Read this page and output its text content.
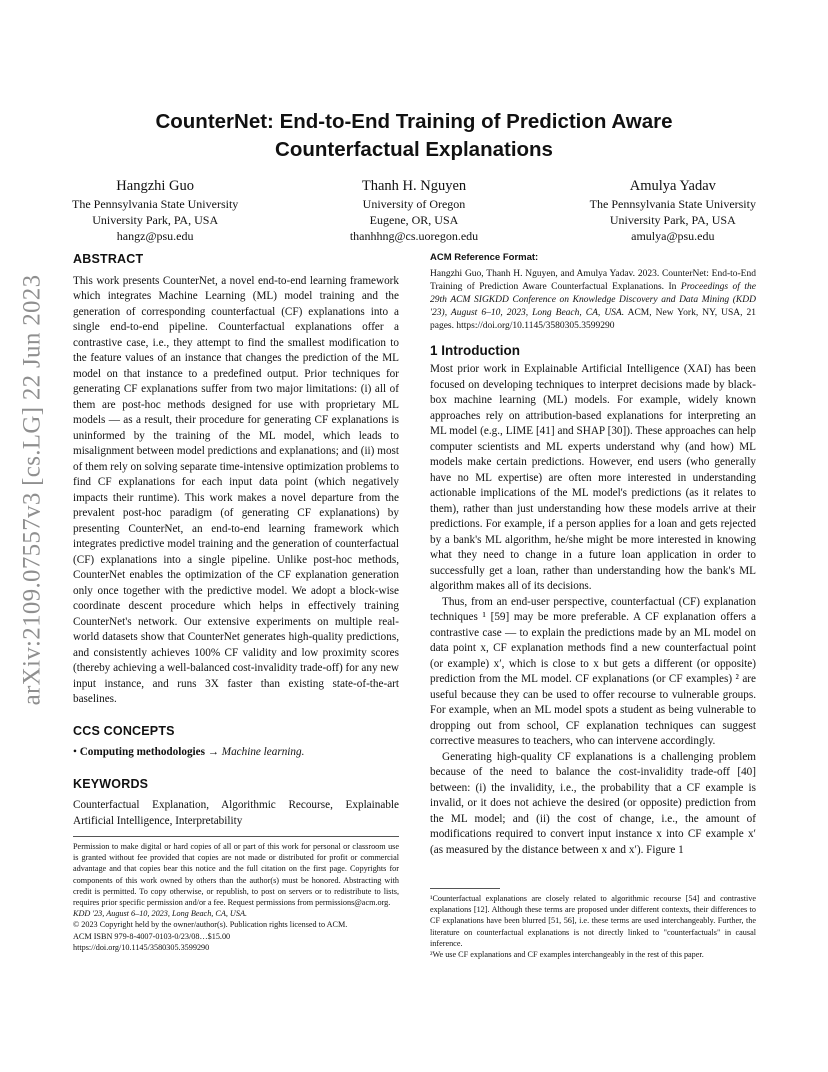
arXiv:2109.07557v3 [cs.LG] 22 Jun 2023
CounterNet: End-to-End Training of Prediction Aware Counterfactual Explanations
Hangzhi Guo
The Pennsylvania State University
University Park, PA, USA
hangz@psu.edu
Thanh H. Nguyen
University of Oregon
Eugene, OR, USA
thanhhng@cs.uoregon.edu
Amulya Yadav
The Pennsylvania State University
University Park, PA, USA
amulya@psu.edu
ABSTRACT

This work presents CounterNet, a novel end-to-end learning framework which integrates Machine Learning (ML) model training and the generation of corresponding counterfactual (CF) explanations into a single end-to-end pipeline. Counterfactual explanations offer a contrastive case, i.e., they attempt to find the smallest modification to the feature values of an instance that changes the prediction of the ML model on that instance to a predefined output. Prior techniques for generating CF explanations suffer from two major limitations: (i) all of them are post-hoc methods designed for use with proprietary ML models — as a result, their procedure for generating CF explanations is uninformed by the training of the ML model, which leads to misalignment between model predictions and explanations; and (ii) most of them rely on solving separate time-intensive optimization problems to find CF explanations for each input data point (which negatively impacts their runtime). This work makes a novel departure from the prevalent post-hoc paradigm (of generating CF explanations) by presenting CounterNet, an end-to-end learning framework which integrates predictive model training and the generation of counterfactual (CF) explanations into a single pipeline. Unlike post-hoc methods, CounterNet enables the optimization of the CF explanation generation only once together with the predictive model. We adopt a block-wise coordinate descent procedure which helps in effectively training CounterNet's network. Our extensive experiments on multiple real-world datasets show that CounterNet generates high-quality predictions, and consistently achieves 100% CF validity and low proximity scores (thereby achieving a well-balanced cost-invalidity trade-off) for any new input instance, and runs 3X faster than existing state-of-the-art baselines.

CCS CONCEPTS

• Computing methodologies → Machine learning.

KEYWORDS

Counterfactual Explanation, Algorithmic Recourse, Explainable Artificial Intelligence, Interpretability

Permission to make digital or hard copies of all or part of this work for personal or classroom use is granted without fee provided that copies are not made or distributed for profit or commercial advantage and that copies bear this notice and the full citation on the first page. Copyrights for components of this work owned by others than the author(s) must be honored. Abstracting with credit is permitted. To copy otherwise, or republish, to post on servers or to redistribute to lists, requires prior specific permission and/or a fee. Request permissions from permissions@acm.org.

KDD '23, August 6–10, 2023, Long Beach, CA, USA.

© 2023 Copyright held by the owner/author(s). Publication rights licensed to ACM.

ACM ISBN 979-8-4007-0103-0/23/08…$15.00

https://doi.org/10.1145/3580305.3599290

ACM Reference Format:

Hangzhi Guo, Thanh H. Nguyen, and Amulya Yadav. 2023. CounterNet: End-to-End Training of Prediction Aware Counterfactual Explanations. In Proceedings of the 29th ACM SIGKDD Conference on Knowledge Discovery and Data Mining (KDD '23), August 6–10, 2023, Long Beach, CA, USA. ACM, New York, NY, USA, 21 pages. https://doi.org/10.1145/3580305.3599290

1 Introduction

Most prior work in Explainable Artificial Intelligence (XAI) has been focused on developing techniques to interpret decisions made by black-box machine learning (ML) models. For example, widely known approaches rely on attribution-based explanations for interpreting an ML model (e.g., LIME [41] and SHAP [30]). These approaches can help computer scientists and ML experts understand why (and how) ML models make certain predictions. However, end users (who generally have no ML expertise) are often more interested in understanding actionable implications of the ML model's predictions (as it relates to them), rather than just understanding how these models arrive at their predictions. For example, if a person applies for a loan and gets rejected by a bank's ML algorithm, he/she might be more interested in knowing what they need to change in a future loan application in order to successfully get a loan, rather than understanding how the bank's ML algorithm makes all of its decisions.

Thus, from an end-user perspective, counterfactual (CF) explanation techniques ¹ [59] may be more preferable. A CF explanation offers a contrastive case — to explain the predictions made by an ML model on data point x, CF explanation methods find a new counterfactual point (or example) x′, which is close to x but gets a different (or opposite) prediction from the ML model. CF explanations (or CF examples) ² are useful because they can be used to offer recourse to vulnerable groups. For example, when an ML model spots a student as being vulnerable to dropping out from school, CF explanation techniques can suggest corrective measures to teachers, who can intervene accordingly.

Generating high-quality CF explanations is a challenging problem because of the need to balance the cost-invalidity trade-off [40] between: (i) the invalidity, i.e., the probability that a CF example is invalid, or it does not achieve the desired (or opposite) prediction from the ML model; and (ii) the cost of change, i.e., the amount of modifications required to convert input instance x into CF example x′ (as measured by the distance between x and x′). Figure 1

¹Counterfactual explanations are closely related to algorithmic recourse [54] and contrastive explanations [12]. Although these terms are proposed under different contexts, their differences to CF explanations have been blurred [51, 56], i.e. these terms are used interchangeably. Further, the literature on counterfactual explanations is not directly linked to "counterfactuals" in causal inference.

²We use CF explanations and CF examples interchangeably in the rest of this paper.
